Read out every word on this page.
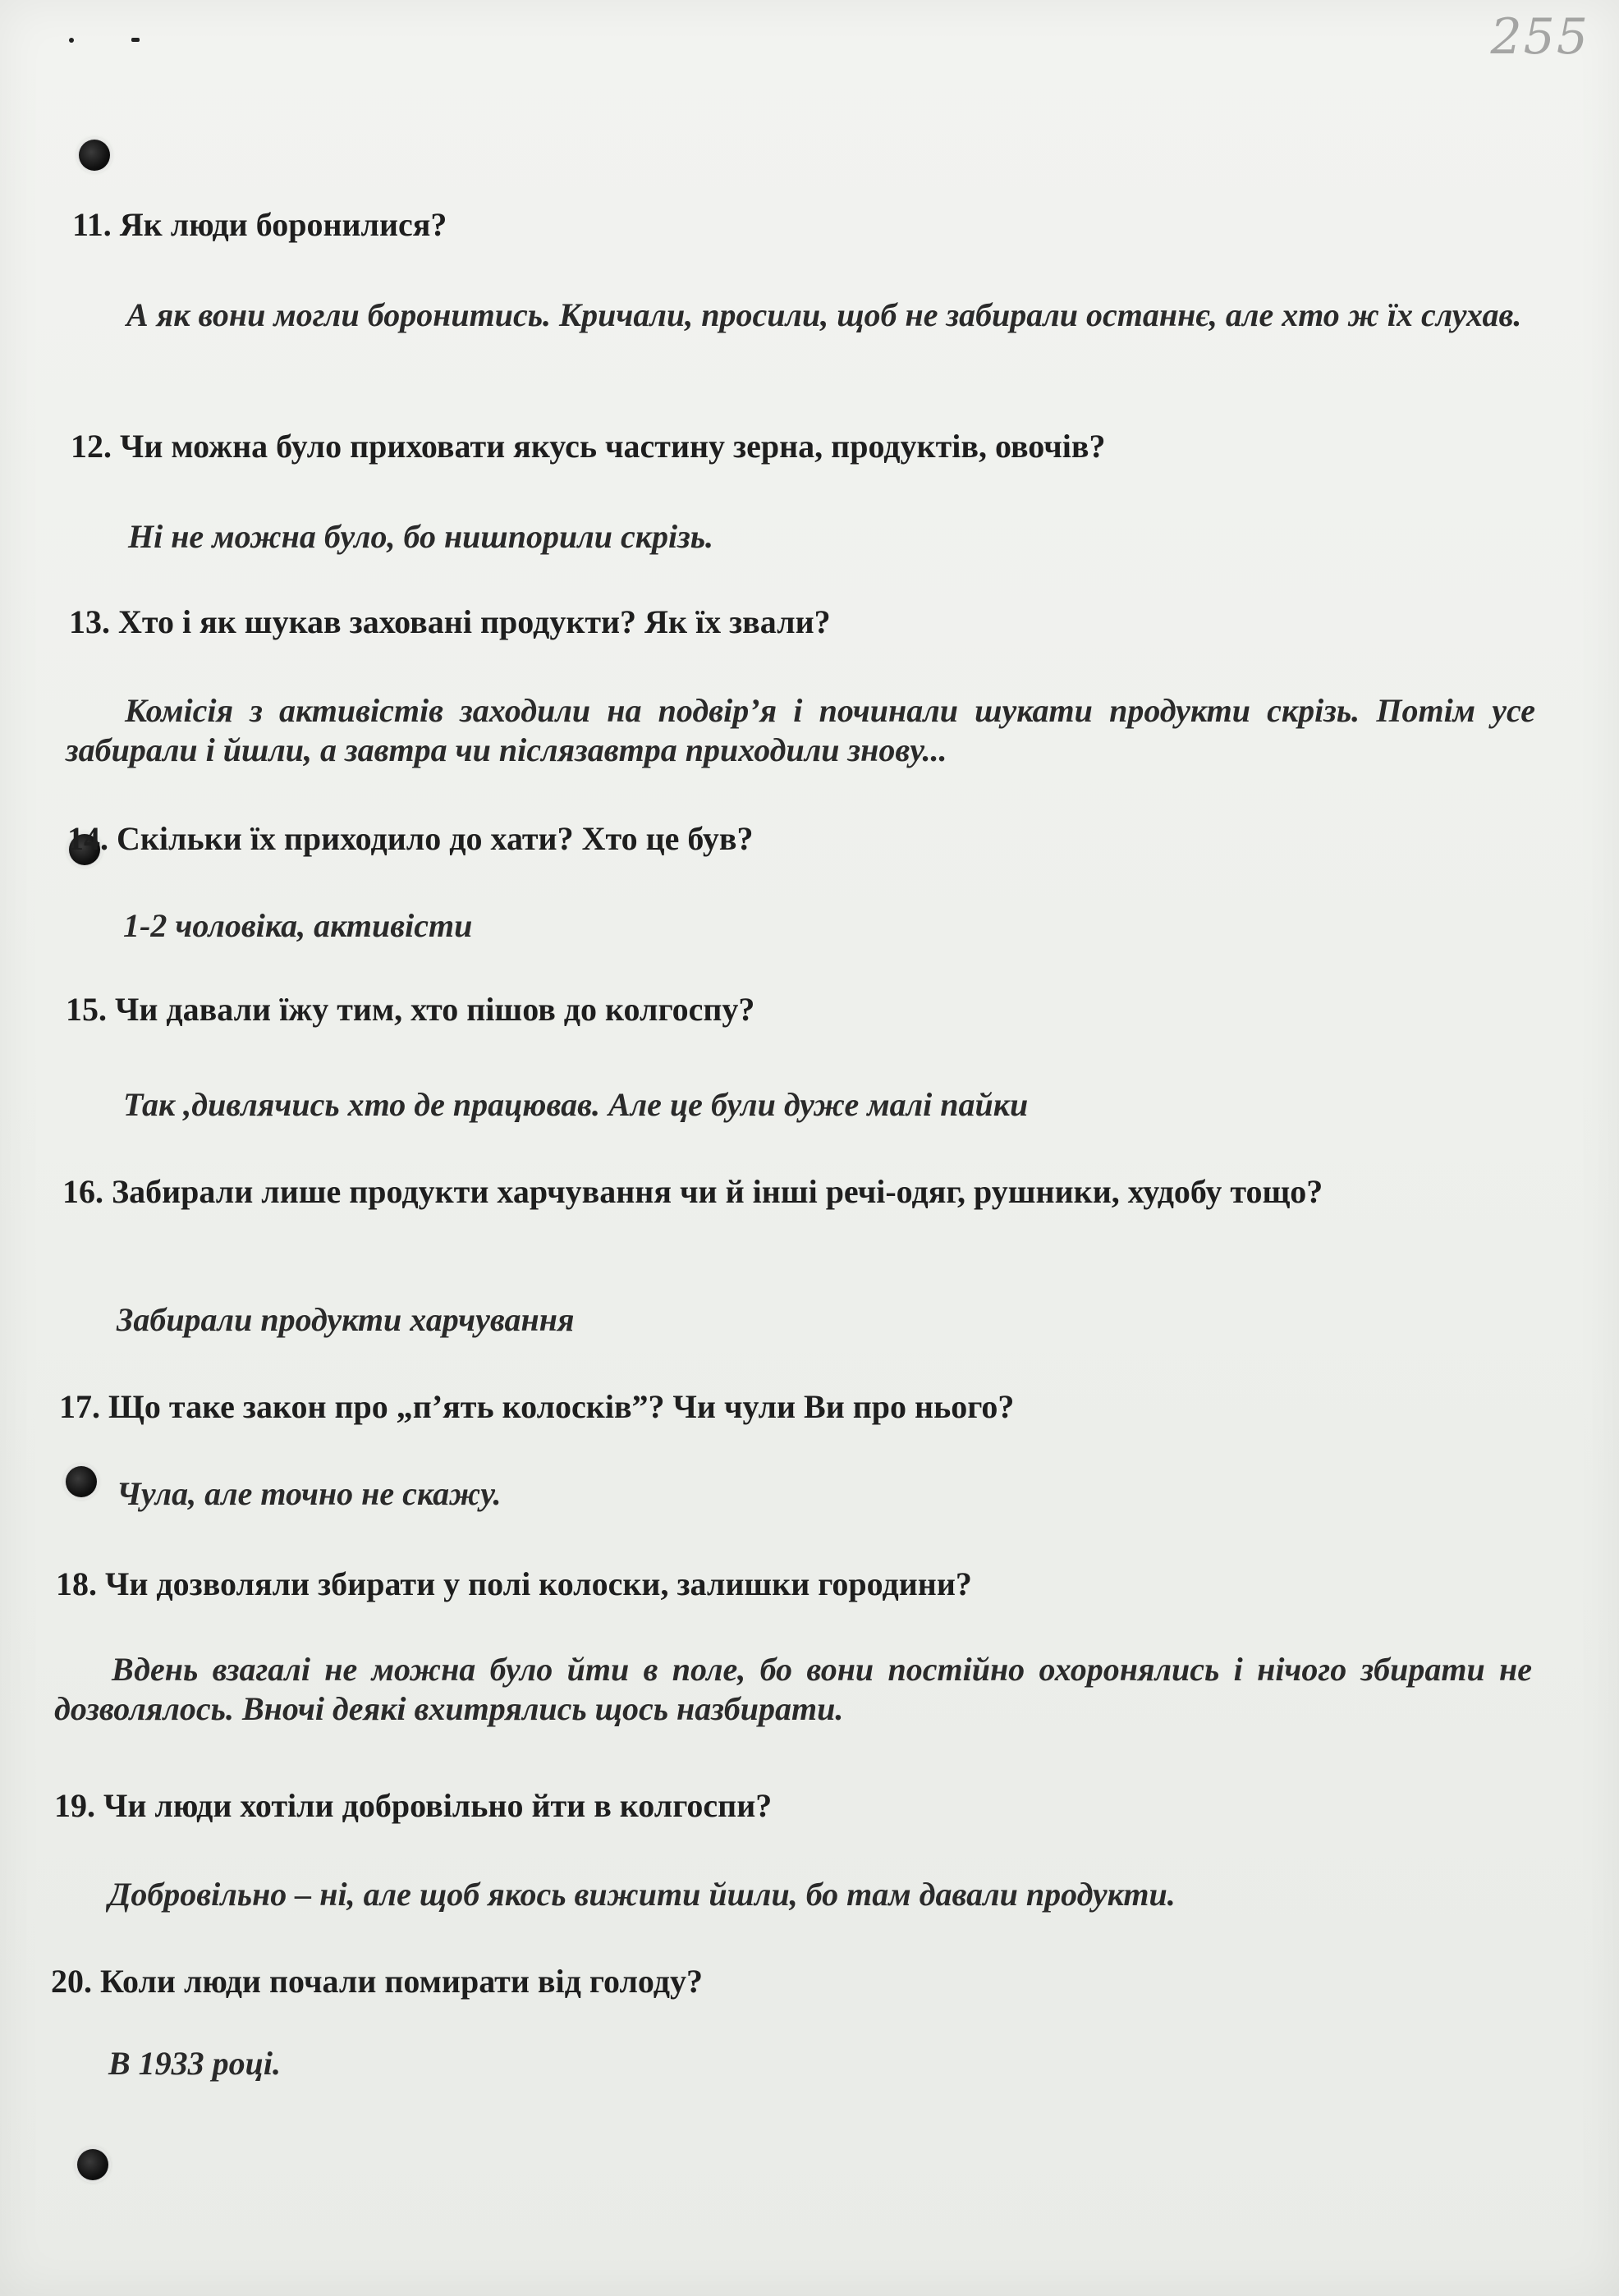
255

11. Як люди боронилися?

А як вони могли боронитись. Кричали, просили, щоб не забирали останнє, але хто ж їх слухав.

12. Чи можна було приховати якусь частину зерна, продуктів, овочів?

Ні не можна було, бо нишпорили скрізь.

13. Хто і як шукав заховані продукти? Як їх звали?

Комісія з активістів заходили на подвір’я і починали шукати продукти скрізь. Потім усе забирали і йшли, а завтра чи післязавтра приходили знову...

14. Скільки їх приходило до хати? Хто це був?

1-2 чоловіка, активісти

15. Чи давали їжу тим, хто пішов до колгоспу?

Так ,дивлячись хто де працював. Але це були дуже малі пайки

16. Забирали лише продукти харчування чи й інші речі-одяг, рушники, худобу тощо?

Забирали продукти харчування

17. Що таке закон про „п’ять колосків”? Чи чули Ви про нього?

Чула, але точно не скажу.

18. Чи дозволяли збирати у полі колоски, залишки городини?

Вдень взагалі не можна було йти в поле, бо вони постійно охоронялись і нічого збирати не дозволялось. Вночі деякі вхитрялись щось назбирати.

19. Чи люди хотіли добровільно йти в колгоспи?

Добровільно – ні, але щоб якось вижити йшли, бо там давали продукти.

20. Коли люди почали помирати від голоду?

В 1933 році.
